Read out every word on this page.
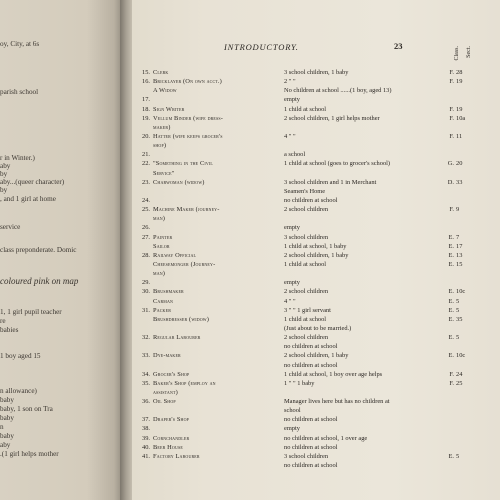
oy, City, at 6s
parish school
r in Winter.)
aby
by
aby...(queer character)
by
, and 1 girl at home
service
class preponderate. Domic
coloured pink on map
1, 1 girl pupil teacher
re
babies
1 boy aged 15
n allowance)
baby
baby, 1 son on Tra
baby
n
baby
aby
.(1 girl helps mother
INTRODUCTORY.	23	Class. Sect.
15. Clerk	3 school children, 1 baby	F. 28
16. Bricklayer (On own acct.)	2 " "	F. 19
A Widow	No children at school ......(1 boy, aged 13)
17.	empty
18. Sign Writer	1 child at school	F. 19
19. Vellum Binder (wife dress-	2 school children, 1 girl helps mother	F. 10a
maker)
20. Hatter (wife keeps grocer's	4 " "	F. 11
shop)
21.	a school
22. "Something in the Civil	1 child at school (goes to grocer's school)	G. 20
Service"
23. Charwoman (widow)	3 school children and 1 in Merchant	D. 33
Seamen's Home
24.	no children at school
25. Machine Maker (journey-	2 school children	F. 9
man)
26.	empty
27. Painter	3 school children	E. 7
Sailor	1 child at school, 1 baby	E. 17
28. Railway Official	2 school children, 1 baby	E. 13
Cheesemonger (Journey-	1 child at school	E. 15
man)
29.	empty
30. Brushmaker	2 school children	E. 10c
Carman	4 " "	E. 5
31. Packer	3 " " 1 girl servant	E. 5
Brushdresser (widow)	1 child at school	E. 35
(Just about to be married.)
32. Regular Labourer	2 school children	E. 5
no children at school
33. Dye-maker	2 school children, 1 baby	E. 10c
no children at school
34. Grocer's Shop	1 child at school, 1 boy over age helps	F. 24
35. Baker's Shop (employ an	1 " " 1 baby	F. 25
assistant)
36. Oil Shop	Manager lives here but has no children at
school
37. Draper's Shop	no children at school
38.	empty
39. Cornchandler	no children at school, 1 over age
40. Beer House	no children at school
41. Factory Labourer	3 school children	E. 5
no children at school
